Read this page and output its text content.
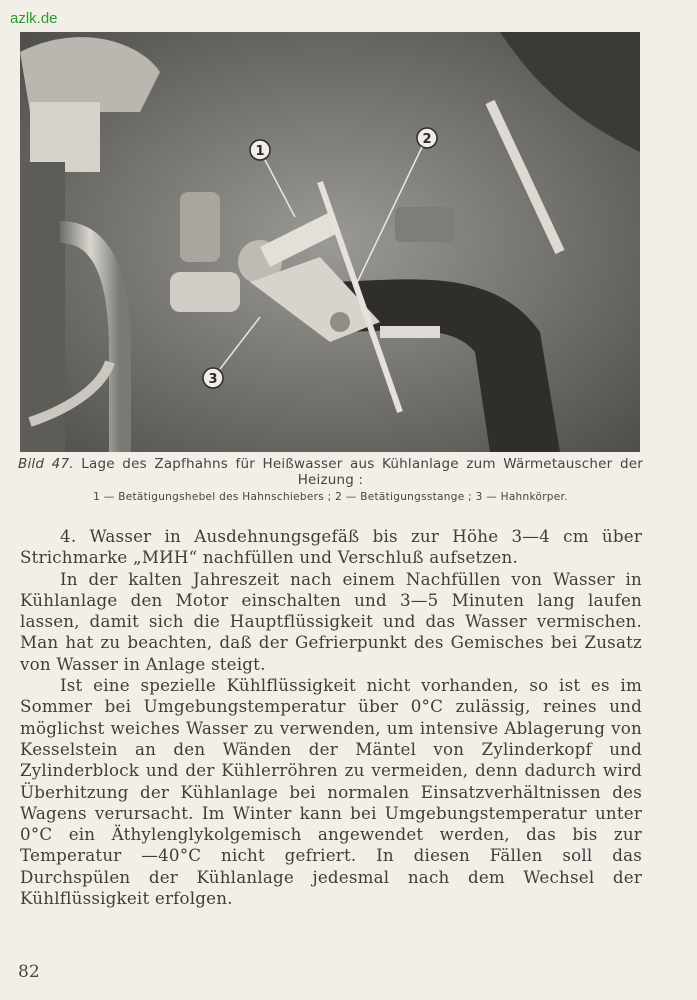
azlk.de
1
2
3
Bild 47. Lage des Zapfhahns für Heißwasser aus Kühlanlage zum Wärmetauscher der Heizung :
1 — Betätigungshebel des Hahnschiebers ; 2 — Betätigungsstange ; 3 — Hahnkörper.

4. Wasser in Ausdehnungsgefäß bis zur Höhe 3—4 cm über Strichmarke „МИН“ nachfüllen und Verschluß aufsetzen.

In der kalten Jahreszeit nach einem Nachfüllen von Wasser in Kühlanlage den Motor einschalten und 3—5 Minuten lang laufen lassen, damit sich die Hauptflüssigkeit und das Wasser vermischen. Man hat zu beachten, daß der Gefrierpunkt des Gemisches bei Zusatz von Wasser in Anlage steigt.

Ist eine spezielle Kühlflüssigkeit nicht vorhanden, so ist es im Sommer bei Umgebungstemperatur über 0°C zulässig, reines und möglichst weiches Wasser zu verwenden, um intensive Ablagerung von Kesselstein an den Wänden der Mäntel von Zylinderkopf und Zylinderblock und der Kühlerröhren zu vermeiden, denn dadurch wird Überhitzung der Kühlanlage bei normalen Einsatzverhältnissen des Wagens verursacht. Im Winter kann bei Umgebungstemperatur unter 0°C ein Äthylenglykolgemisch angewendet werden, das bis zur Temperatur —40°C nicht gefriert. In diesen Fällen soll das Durchspülen der Kühlanlage jedesmal nach dem Wechsel der Kühlflüssigkeit erfolgen.

82
